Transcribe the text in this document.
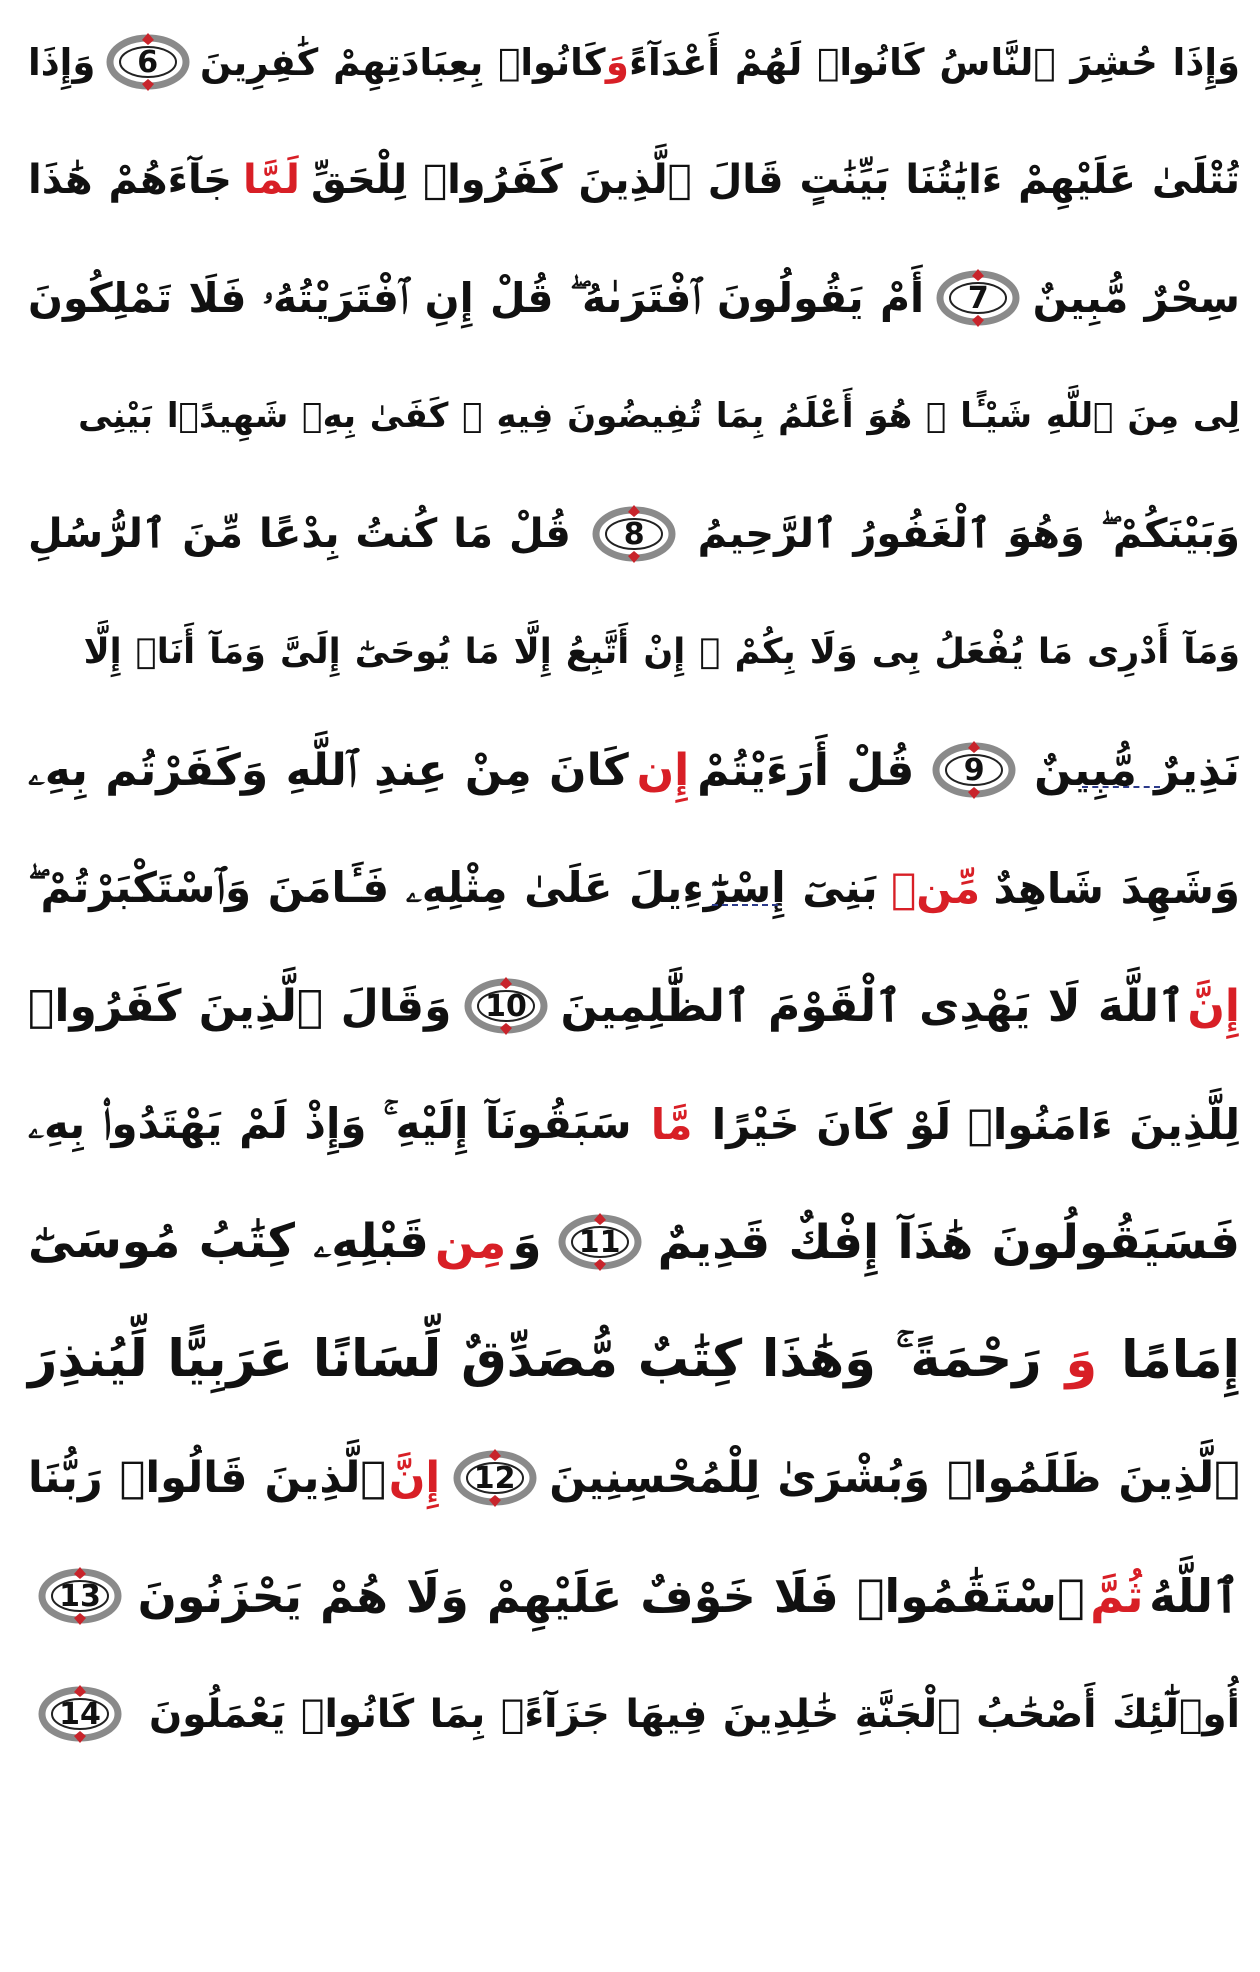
وَإِذَا حُشِرَ ٱلنَّاسُ كَانُوا۟ لَهُمْ أَعْدَآءً
وَ
كَانُوا۟ بِعِبَادَتِهِمْ كَٰفِرِينَ
6
وَإِذَا
تُتْلَىٰ عَلَيْهِمْ ءَايَٰتُنَا بَيِّنَٰتٍ قَالَ ٱلَّذِينَ كَفَرُوا۟ لِلْحَقِّ
لَمَّا
جَآءَهُمْ هَٰذَا
سِحْرٌ مُّبِينٌ
7
أَمْ يَقُولُونَ ٱفْتَرَىٰهُ ۖ قُلْ إِنِ ٱفْتَرَيْتُهُۥ فَلَا تَمْلِكُونَ
لِى مِنَ ٱللَّهِ شَيْـًٔا ۖ هُوَ أَعْلَمُ بِمَا تُفِيضُونَ فِيهِ ۖ كَفَىٰ بِهِۦ شَهِيدًۢا بَيْنِى
وَبَيْنَكُمْ ۖ وَهُوَ ٱلْغَفُورُ ٱلرَّحِيمُ
8
قُلْ مَا كُنتُ بِدْعًا مِّنَ ٱلرُّسُلِ
وَمَآ أَدْرِى مَا يُفْعَلُ بِى وَلَا بِكُمْ ۖ إِنْ أَتَّبِعُ إِلَّا مَا يُوحَىٰٓ إِلَىَّ وَمَآ أَنَا۠ إِلَّا
نَذِيرٌ مُّبِينٌ
9
قُلْ أَرَءَيْتُمْ
إِن
كَانَ مِنْ عِندِ ٱللَّهِ وَكَفَرْتُم بِهِۦ
وَشَهِدَ شَاهِدٌ
مِّنۢ
بَنِىٓ إِسْرَٰٓءِيلَ عَلَىٰ مِثْلِهِۦ فَـَٔامَنَ وَٱسْتَكْبَرْتُمْ ۖ
إِنَّ
ٱللَّهَ لَا يَهْدِى ٱلْقَوْمَ ٱلظَّٰلِمِينَ
10
وَقَالَ ٱلَّذِينَ كَفَرُوا۟
لِلَّذِينَ ءَامَنُوا۟ لَوْ كَانَ خَيْرًا
مَّا
سَبَقُونَآ إِلَيْهِ ۚ وَإِذْ لَمْ يَهْتَدُوا۟ بِهِۦ
فَسَيَقُولُونَ هَٰذَآ إِفْكٌ قَدِيمٌ
11
وَ
مِن
قَبْلِهِۦ كِتَٰبُ مُوسَىٰٓ
إِمَامًا
وَ
رَحْمَةً ۚ وَهَٰذَا كِتَٰبٌ مُّصَدِّقٌ لِّسَانًا عَرَبِيًّا لِّيُنذِرَ
ٱلَّذِينَ ظَلَمُوا۟ وَبُشْرَىٰ لِلْمُحْسِنِينَ
12
إِنَّ
ٱلَّذِينَ قَالُوا۟ رَبُّنَا
ٱللَّهُ
ثُمَّ
ٱسْتَقَٰمُوا۟ فَلَا خَوْفٌ عَلَيْهِمْ وَلَا هُمْ يَحْزَنُونَ
13
أُو۟لَٰٓئِكَ أَصْحَٰبُ ٱلْجَنَّةِ خَٰلِدِينَ فِيهَا جَزَآءًۢ بِمَا كَانُوا۟ يَعْمَلُونَ
14
